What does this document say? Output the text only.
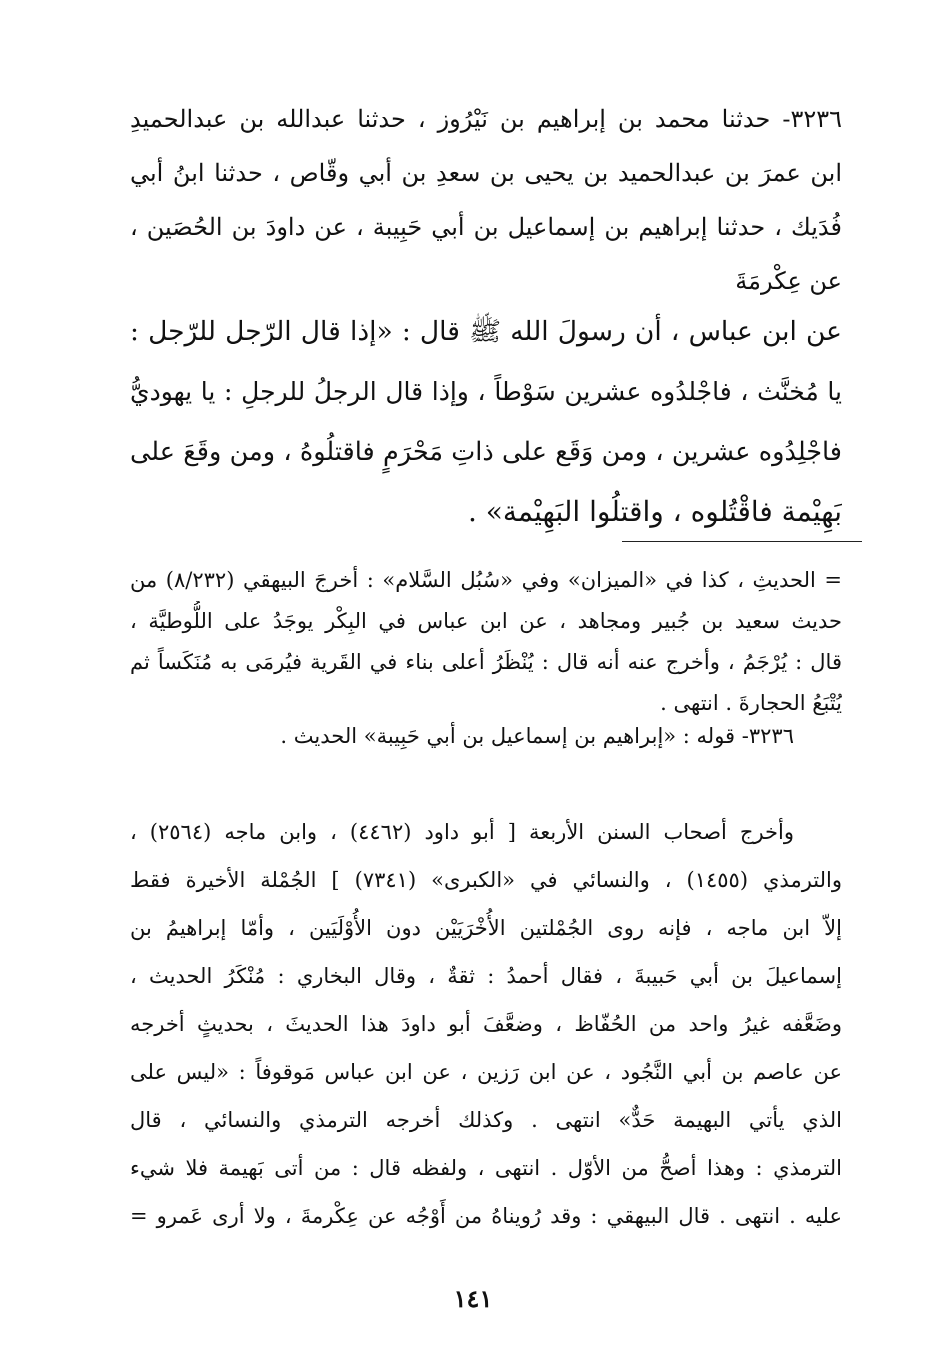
٣٢٣٦- حدثنا محمد بن إبراهيم بن نَيْرُوز ، حدثنا عبدالله بن عبدالحميدِ
ابن عمرَ بن عبدالحميد بن يحيى بن سعدِ بن أبي وقّاص ، حدثنا ابنُ أبي
فُدَيك ، حدثنا إبراهيم بن إسماعيل بن أبي حَبِيبة ، عن داودَ بن الحُصَين ،
عن عِكْرمَةَ
عن ابن عباس ، أن رسولَ الله ﷺ قال : «إذا قال الرّجل للرّجل :
يا مُخنَّث ، فاجْلدُوه عشرين سَوْطاً ، وإذا قال الرجلُ للرجلِ : يا يهوديُّ
فاجْلِدُوه عشرين ، ومن وَقَع على ذاتِ مَحْرَمٍ فاقتلُوهُ ، ومن وقَعَ على
بَهِيْمة فاقْتُلوه ، واقتلُوا البَهِيْمة» .
= الحديثِ ، كذا في «الميزان» وفي «سُبُل السَّلام» : أخرجَ البيهقي (٨/٢٣٢) من
حديث سعيد بن جُبير ومجاهد ، عن ابن عباس في البِكْر يوجَدُ على اللُّوطيَّة ،
قال : يُرْجَمُ ، وأخرج عنه أنه قال : يُنْظَرُ أعلى بناء في القَرية فيُرمَى به مُنَكَساً ثم
يُتْبَعُ الحجارةَ . انتهى .
٣٢٣٦- قوله : «إبراهيم بن إسماعيل بن أبي حَبِيبة» الحديث .
وأخرج أصحاب السنن الأربعة [ أبو داود (٤٤٦٢) ، وابن ماجه (٢٥٦٤) ،
والترمذي (١٤٥٥) ، والنسائي في «الكبرى» (٧٣٤١) ] الجُمْلة الأخيرة فقط
إلاّ ابن ماجه ، فإنه روى الجُمْلتين الأُخْرَيَيْن دون الأُوْلَيَين ، وأمّا إبراهيمُ بن
إسماعيلَ بن أبي حَبيبةَ ، فقال أحمدُ : ثقةٌ ، وقال البخاري : مُنْكَرُ الحديث ،
وضَعَّفه غيرُ واحد من الحُفّاظ ، وضعَّفَ أبو داودَ هذا الحديثَ ، بحديثٍ أخرجه
عن عاصم بن أبي النَّجُود ، عن ابن رَزين ، عن ابن عباس مَوقوفاً : «ليس على
الذي يأتي البهيمة حَدٌّ» انتهى . وكذلك أخرجه الترمذي والنسائي ، قال
الترمذي : وهذا أصحُّ من الأوّل . انتهى ، ولفظه قال : من أتى بَهيمة فلا شيء
عليه . انتهى . قال البيهقي : وقد رُويناهُ من أَوْجُه عن عِكْرمةَ ، ولا أرى عَمرو =
١٤١
